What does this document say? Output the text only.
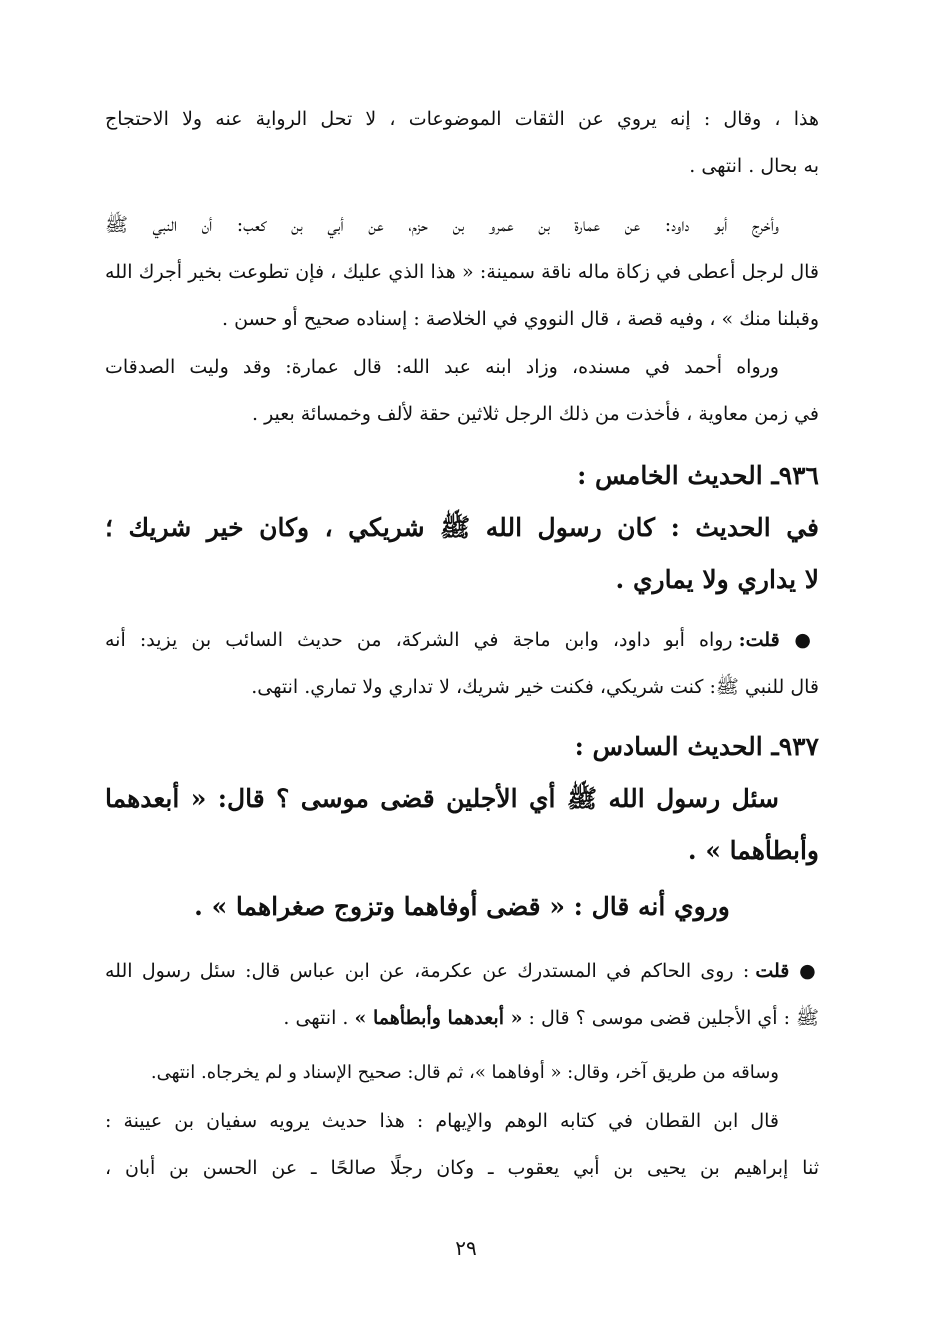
هذا ، وقال : إنه يروي عن الثقات الموضوعات ، لا تحل الرواية عنه ولا الاحتجاج
به بحال . انتهى .
وأخرج أبو داود: عن عمارة بن عمرو بن حزم، عن أبي بن كعب: أن النبي ﷺ
قال لرجل أعطى في زكاة ماله ناقة سمينة: « هذا الذي عليك ، فإن تطوعت بخير أجرك الله
وقبلنا منك » ، وفيه قصة ، قال النووي في الخلاصة : إسناده صحيح أو حسن .
ورواه أحمد في مسنده، وزاد ابنه عبد الله: قال عمارة: وقد وليت الصدقات
في زمن معاوية ، فأخذت من ذلك الرجل ثلاثين حقة لألف وخمسائة بعير .
٩٣٦ـ الحديث الخامس :
في الحديث : كان رسول الله ﷺ شريكي ، وكان خير شريك ؛
لا يداري ولا يماري .
● قلت: رواه أبو داود، وابن ماجة في الشركة، من حديث السائب بن يزيد: أنه
قال للنبي ﷺ: كنت شريكي، فكنت خير شريك، لا تداري ولا تماري. انتهى.
٩٣٧ـ الحديث السادس :
سئل رسول الله ﷺ أي الأجلين قضى موسى ؟ قال: « أبعدهما
وأبطأهما » .
وروي أنه قال : « قضى أوفاهما وتزوج صغراهما » .
● قلت : روى الحاكم في المستدرك عن عكرمة، عن ابن عباس قال: سئل رسول الله
ﷺ : أي الأجلين قضى موسى ؟ قال : « أبعدهما وأبطأهما » . انتهى .
وساقه من طريق آخر، وقال: « أوفاهما »، ثم قال: صحيح الإسناد و لم يخرجاه. انتهى.
قال ابن القطان في كتابه الوهم والإيهام : هذا حديث يرويه سفيان بن عيينة :
ثنا إبراهيم بن يحيى بن أبي يعقوب ـ وكان رجلًا صالحًا ـ عن الحسن بن أبان ،
٢٩
